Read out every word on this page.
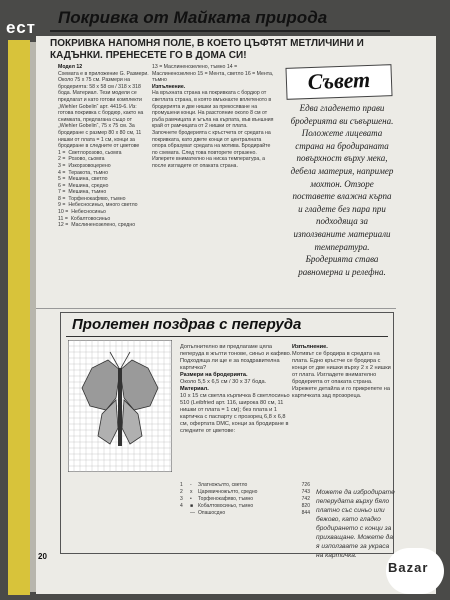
ест
Покривка от Майката природа
ПОКРИВКА НАПОМНЯ ПОЛЕ, В КОЕТО ЦЪФТЯТ МЕТЛИЧИНИ И КАДЪНКИ. ПРЕНЕСЕТЕ ГО В ДОМА СИ!
Модел 12
Схемата е в приложение G. Размери. Около 75 х 75 см. Размери на бродерията: 58 х 58 см / 318 х 318 бода. Материал. Тези модели се предлагат и като готови комплекти „Wiehler Gobelin“ арт. 4419-6. Из: готова покривка с бордюр, както на снимката, предлагана също от „Wiehler Gobelin“, 75 х 75 см. За бродиране с размер 80 х 80 см, 11 нишки от плата = 1 см, конци за бродиране в следните от цветове
1 = Светлорозово, сьомга
2 = Розово, сьомга
3 = Изкорзовоцерено
4 = Теракота, тъмно
5 = Мешина, светло
6 = Мешина, средно
7 = Мешина, тъмно
8 = Торфенокафяво, тъмно
9 = Небесносиньо, много светло
10 = Небесносиньо
11 = Кобалтовосиньо
12 = Маслиненозелено, средно
13 = Маслиненозелено, тъмно 14 = Маслиненозелено 15 = Мента, светло 16 = Мента, тъмно
Изпълнение.
На връхната страна на покривката с бордюр от светлата страна, в която вмъкнахте вплетеното в бродерията и две нишки за прекосяване на промушени конци. На разстояние около 8 см от ръба рамчицата и ъгъла на кърпата, във външния край от рамчицата от 2 нишки от плата. Започнете бродерията с кръстчета от средата на покривката, като двете конци от централната опора образуват средата на мотива. Бродирайте по схемата. След това повторете отразено. Изперете внимателно на ниска температура, а после изгладете от опаката страна.
Съвет
Едва гладенето прави бродерията ви съвършена. Положете лицевата страна на бродираната повърхност върху мека, дебела материя, например мохтон. Отзоре поставете влажна кърпа и гладете без пара при подходяща за използваните материали температура. Бродерията става равномерна и релефна.
Пролетен поздрав с пеперуда
Допълнително ви предлагаме цяла пеперуда в жълти тонове, синьо и кафяво. Подходяща ли ще е за поздравителна картичка?
Размери на бродерията.
Около 5,5 х 6,5 см / 30 х 37 бода.
Материал.
10 х 15 см светла кърпичка 8 светлосиньо 510 (Leibfried арт. 116, широка 80 см, 11 нишки от плата = 1 см); без плата и 1 картичка с паспарту с прозорец 6,8 х 6,8 см, офертата DMC, конци за бродиране в следните от цветове:
Изпълнение.
Мотивът се бродира в средата на плата. Едно кръстче се бродира с конци от две нишки върху 2 х 2 нишки от плата. Изгладете внимателно бродерията от опаката страна. Изрежете детайла и го прикрепете на картичката зад прозореца.
1	-	Златножълто, светло	726
2	x	Царевичножълто, средно	743
3	•	Торфенокафяво, тъмно	742
4	■ Кобалтовосиньо, тъмно	820
— Опашосдно	844
Можете да избродирате пеперудата върху бяло платно със синьо или бежово, като гладко бродирането с конци за прихващане. Можете да я използвате за украса на картичка.
20
Bazar
